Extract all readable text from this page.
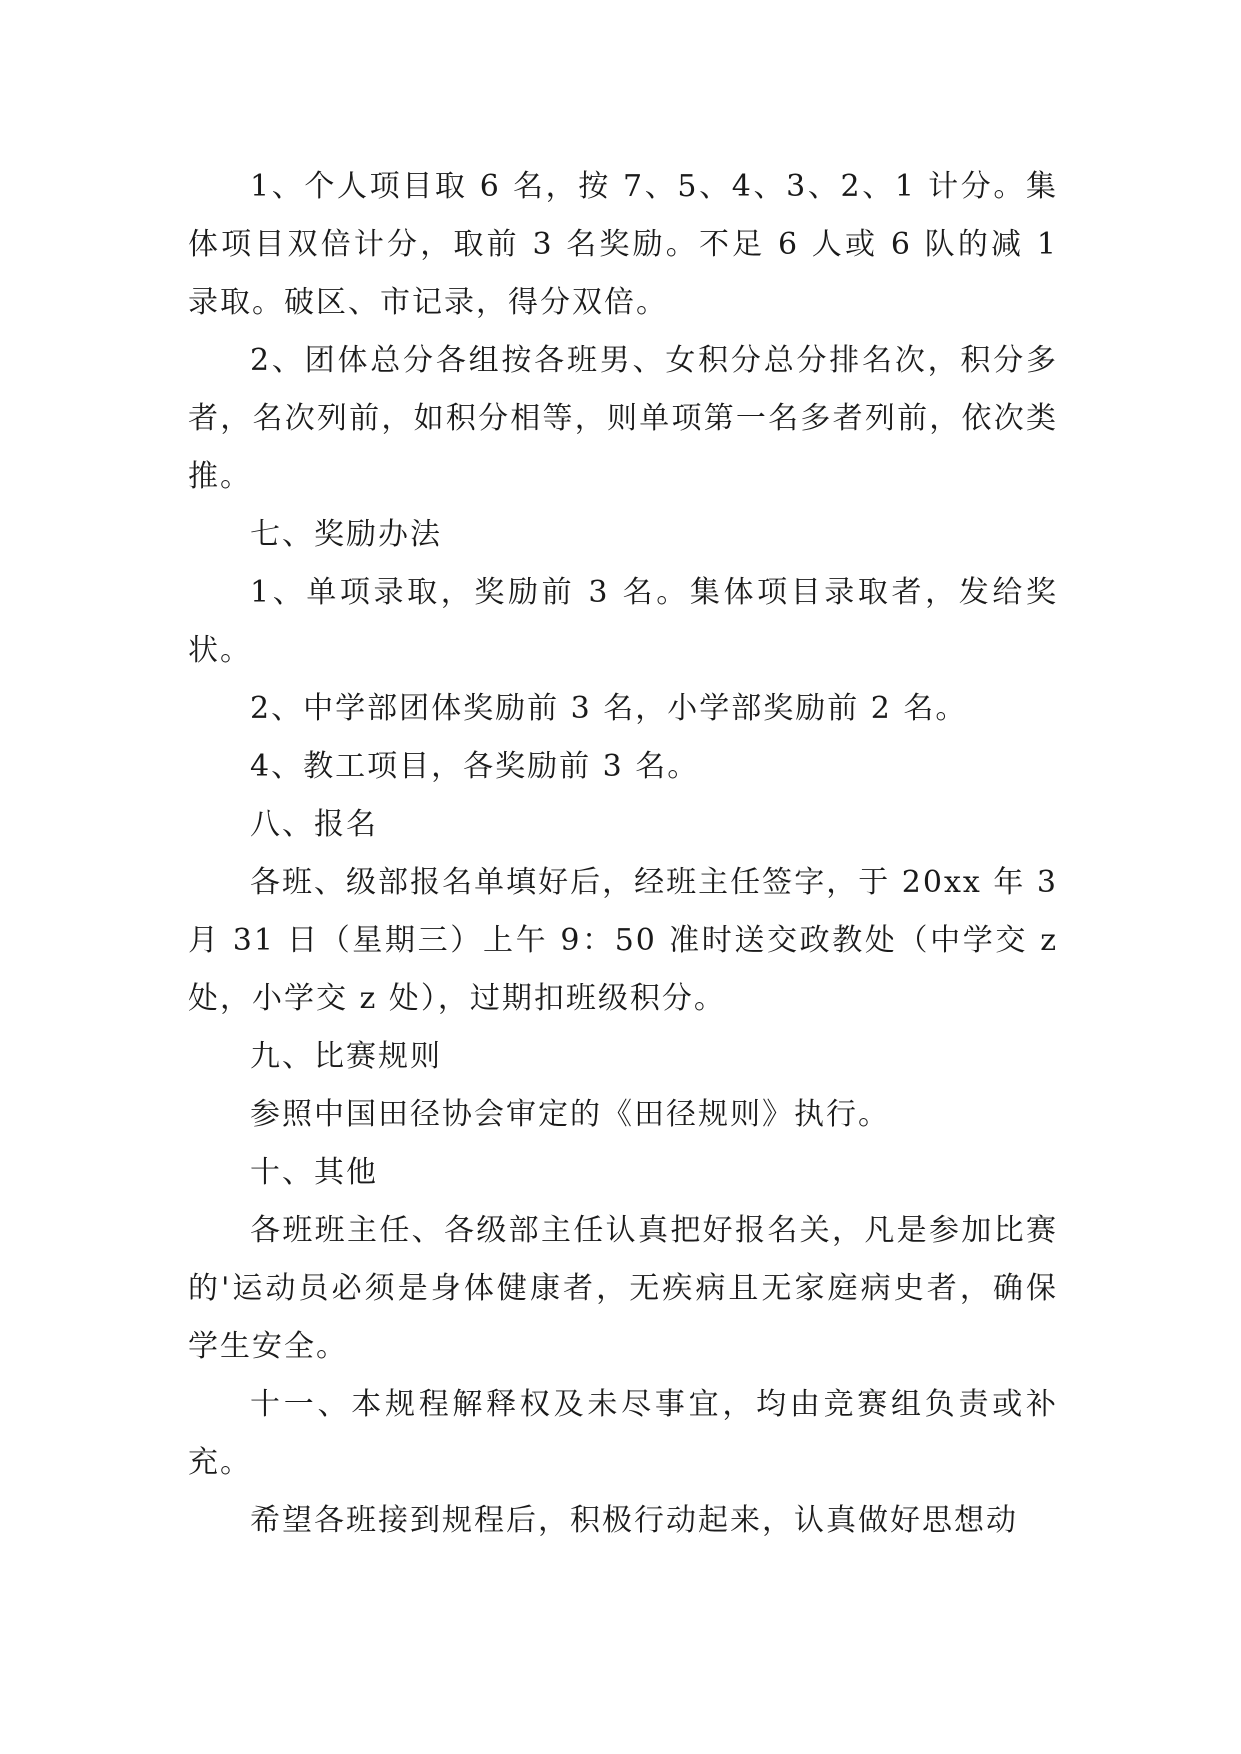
1、个人项目取 6 名，按 7、5、4、3、2、1 计分。集体项目双倍计分，取前 3 名奖励。不足 6 人或 6 队的减 1 录取。破区、市记录，得分双倍。

2、团体总分各组按各班男、女积分总分排名次，积分多者，名次列前，如积分相等，则单项第一名多者列前，依次类推。

七、奖励办法

1、单项录取，奖励前 3 名。集体项目录取者，发给奖状。

2、中学部团体奖励前 3 名，小学部奖励前 2 名。

4、教工项目，各奖励前 3 名。

八、报名

各班、级部报名单填好后，经班主任签字，于 20xx 年 3 月 31 日（星期三）上午 9：50 准时送交政教处（中学交 z 处，小学交 z 处），过期扣班级积分。

九、比赛规则

参照中国田径协会审定的《田径规则》执行。

十、其他

各班班主任、各级部主任认真把好报名关，凡是参加比赛的'运动员必须是身体健康者，无疾病且无家庭病史者，确保学生安全。

十一、本规程解释权及未尽事宜，均由竞赛组负责或补充。

希望各班接到规程后，积极行动起来，认真做好思想动
